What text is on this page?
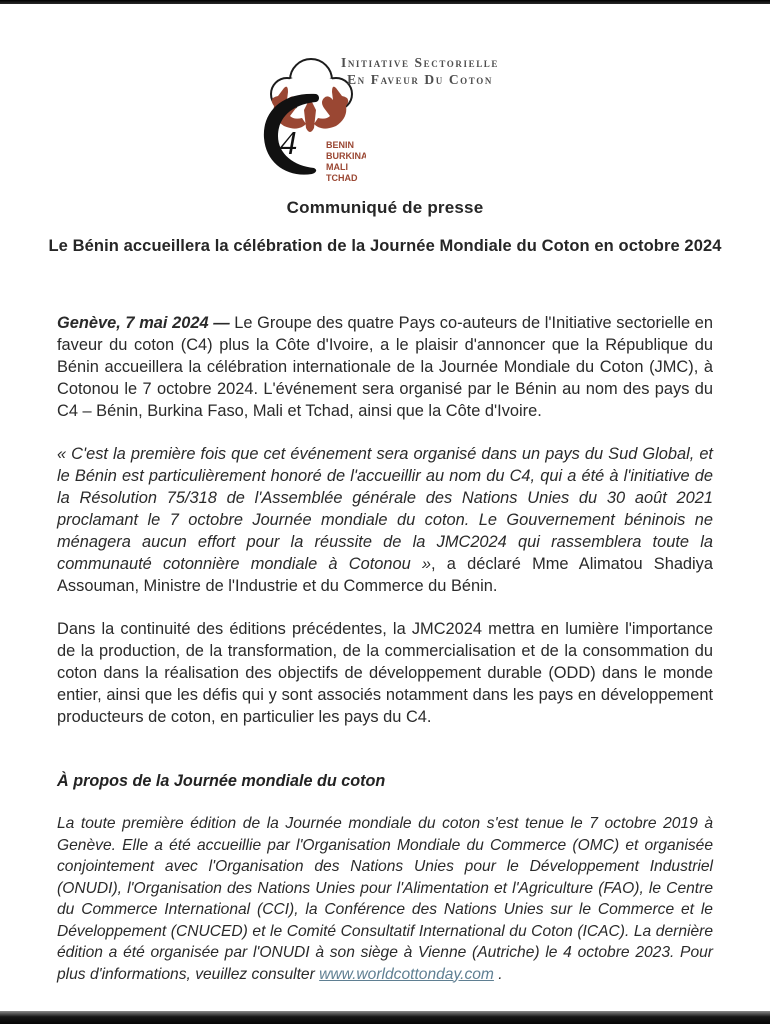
4	BENIN
BURKINA
MALI
TCHAD
Initiative Sectorielle
En Faveur Du Coton
Communiqué de presse
Le Bénin accueillera la célébration de la Journée Mondiale du Coton en octobre 2024

Genève, 7 mai 2024 — Le Groupe des quatre Pays co-auteurs de l'Initiative sectorielle en faveur du coton (C4) plus la Côte d'Ivoire, a le plaisir d'annoncer que la République du Bénin accueillera la célébration internationale de la Journée Mondiale du Coton (JMC), à Cotonou le 7 octobre 2024. L'événement sera organisé par le Bénin au nom des pays du C4 – Bénin, Burkina Faso, Mali et Tchad, ainsi que la Côte d'Ivoire.

« C'est la première fois que cet événement sera organisé dans un pays du Sud Global, et le Bénin est particulièrement honoré de l'accueillir au nom du C4, qui a été à l'initiative de la Résolution 75/318 de l'Assemblée générale des Nations Unies du 30 août 2021 proclamant le 7 octobre Journée mondiale du coton. Le Gouvernement béninois ne ménagera aucun effort pour la réussite de la JMC2024 qui rassemblera toute la communauté cotonnière mondiale à Cotonou », a déclaré Mme Alimatou Shadiya Assouman, Ministre de l'Industrie et du Commerce du Bénin.

Dans la continuité des éditions précédentes, la JMC2024 mettra en lumière l'importance de la production, de la transformation, de la commercialisation et de la consommation du coton dans la réalisation des objectifs de développement durable (ODD) dans le monde entier, ainsi que les défis qui y sont associés notamment dans les pays en développement producteurs de coton, en particulier les pays du C4.

À propos de la Journée mondiale du coton

La toute première édition de la Journée mondiale du coton s'est tenue le 7 octobre 2019 à Genève. Elle a été accueillie par l'Organisation Mondiale du Commerce (OMC) et organisée conjointement avec l'Organisation des Nations Unies pour le Développement Industriel (ONUDI), l'Organisation des Nations Unies pour l'Alimentation et l'Agriculture (FAO), le Centre du Commerce International (CCI), la Conférence des Nations Unies sur le Commerce et le Développement (CNUCED) et le Comité Consultatif International du Coton (ICAC). La dernière édition a été organisée par l'ONUDI à son siège à Vienne (Autriche) le 4 octobre 2023. Pour plus d'informations, veuillez consulter www.worldcottonday.com .
